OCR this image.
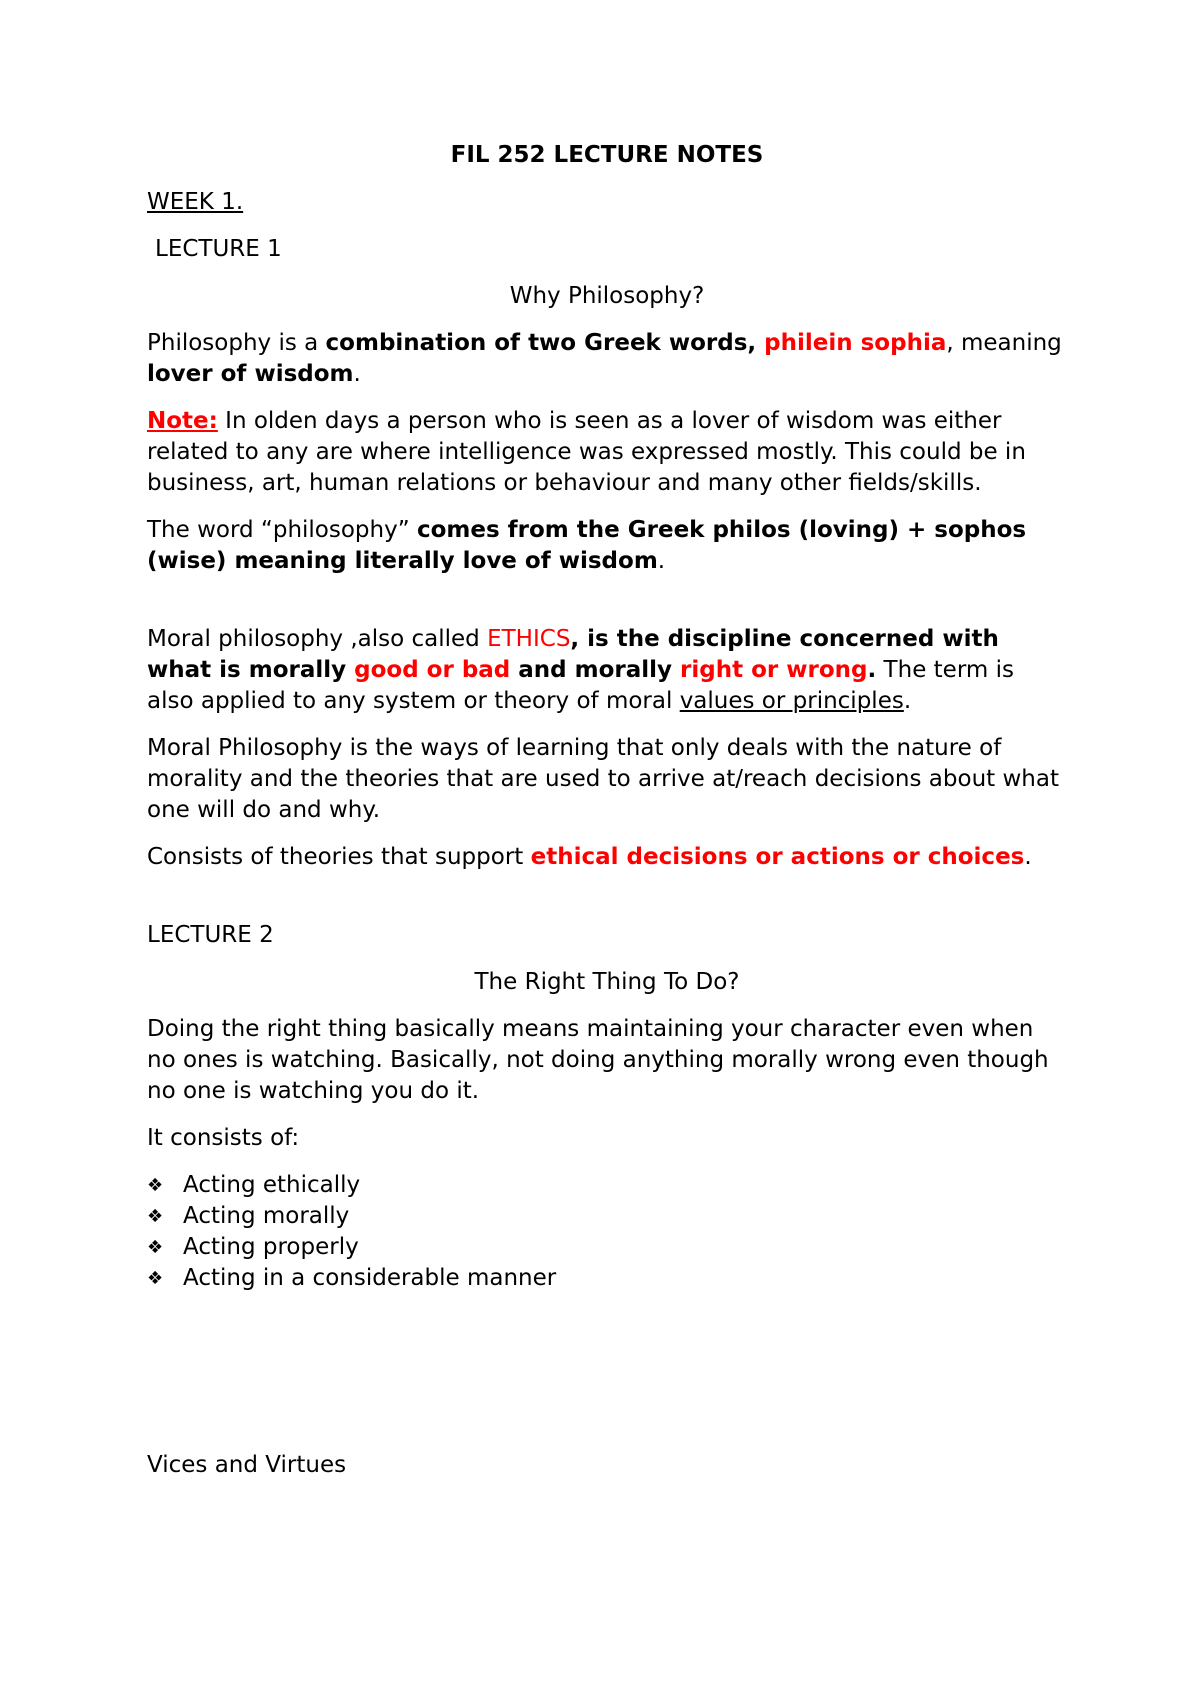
FIL 252 LECTURE NOTES

WEEK 1.

LECTURE 1

Why Philosophy?

Philosophy is a combination of two Greek words, philein sophia, meaning lover of wisdom.

Note: In olden days a person who is seen as a lover of wisdom was either related to any are where intelligence was expressed mostly. This could be in business, art, human relations or behaviour and many other fields/skills.

The word “philosophy” comes from the Greek philos (loving) + sophos (wise) meaning literally love of wisdom.

Moral philosophy ,also called ETHICS, is the discipline concerned with what is morally good or bad and morally right or wrong. The term is also applied to any system or theory of moral values or principles.

Moral Philosophy is the ways of learning that only deals with the nature of morality and the theories that are used to arrive at/reach decisions about what one will do and why.

Consists of theories that support ethical decisions or actions or choices.

LECTURE 2

The Right Thing To Do?

Doing the right thing basically means maintaining your character even when no ones is watching. Basically, not doing anything morally wrong even though no one is watching you do it.

It consists of:

❖ Acting ethically
❖ Acting morally
❖ Acting properly
❖ Acting in a considerable manner

Vices and Virtues
